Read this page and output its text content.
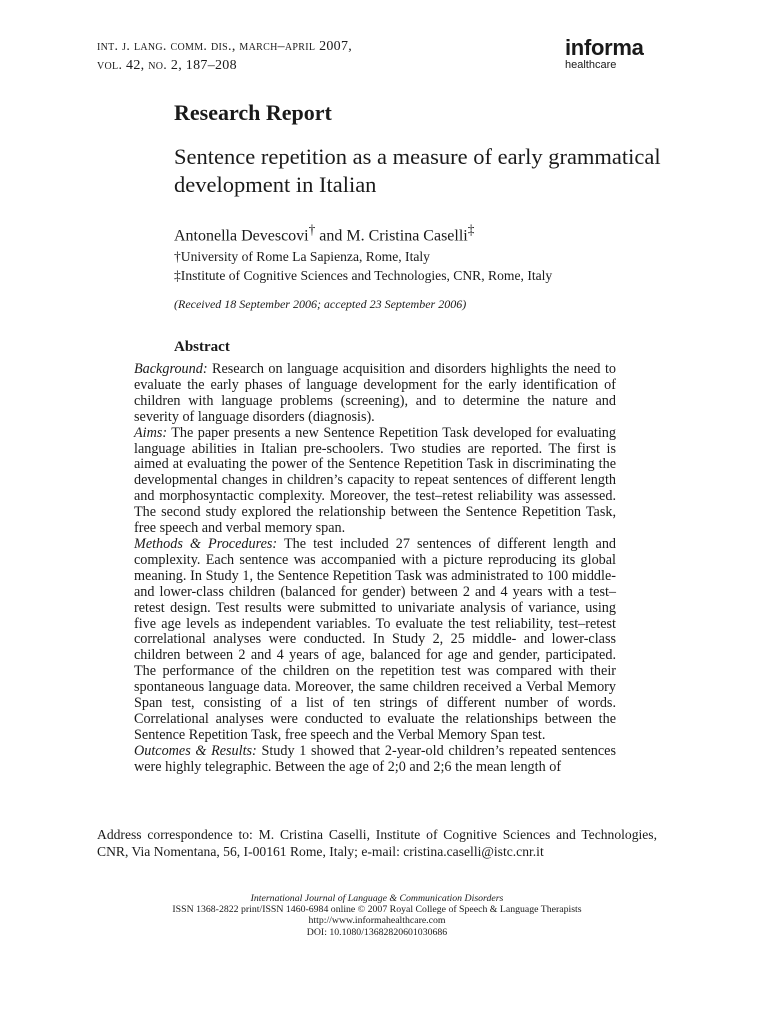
int. j. lang. comm. dis., march–april 2007,
vol. 42, no. 2, 187–208
informa
healthcare
Research Report
Sentence repetition as a measure of early grammatical development in Italian
Antonella Devescovi† and M. Cristina Caselli‡
†University of Rome La Sapienza, Rome, Italy
‡Institute of Cognitive Sciences and Technologies, CNR, Rome, Italy
(Received 18 September 2006; accepted 23 September 2006)
Abstract

Background: Research on language acquisition and disorders highlights the need to evaluate the early phases of language development for the early identification of children with language problems (screening), and to determine the nature and severity of language disorders (diagnosis).

Aims: The paper presents a new Sentence Repetition Task developed for evaluating language abilities in Italian pre-schoolers. Two studies are reported. The first is aimed at evaluating the power of the Sentence Repetition Task in discriminating the developmental changes in children’s capacity to repeat sentences of different length and morphosyntactic complexity. Moreover, the test–retest reliability was assessed. The second study explored the relationship between the Sentence Repetition Task, free speech and verbal memory span.

Methods & Procedures: The test included 27 sentences of different length and complexity. Each sentence was accompanied with a picture reproducing its global meaning. In Study 1, the Sentence Repetition Task was administrated to 100 middle- and lower-class children (balanced for gender) between 2 and 4 years with a test–retest design. Test results were submitted to univariate analysis of variance, using five age levels as independent variables. To evaluate the test reliability, test–retest correlational analyses were conducted. In Study 2, 25 middle- and lower-class children between 2 and 4 years of age, balanced for age and gender, participated. The performance of the children on the repetition test was compared with their spontaneous language data. Moreover, the same children received a Verbal Memory Span test, consisting of a list of ten strings of different number of words. Correlational analyses were conducted to evaluate the relationships between the Sentence Repetition Task, free speech and the Verbal Memory Span test.

Outcomes & Results: Study 1 showed that 2-year-old children’s repeated sentences were highly telegraphic. Between the age of 2;0 and 2;6 the mean length of

Address correspondence to: M. Cristina Caselli, Institute of Cognitive Sciences and Technologies, CNR, Via Nomentana, 56, I-00161 Rome, Italy; e-mail: cristina.caselli@istc.cnr.it
International Journal of Language & Communication Disorders
ISSN 1368-2822 print/ISSN 1460-6984 online © 2007 Royal College of Speech & Language Therapists
http://www.informahealthcare.com
DOI: 10.1080/13682820601030686
